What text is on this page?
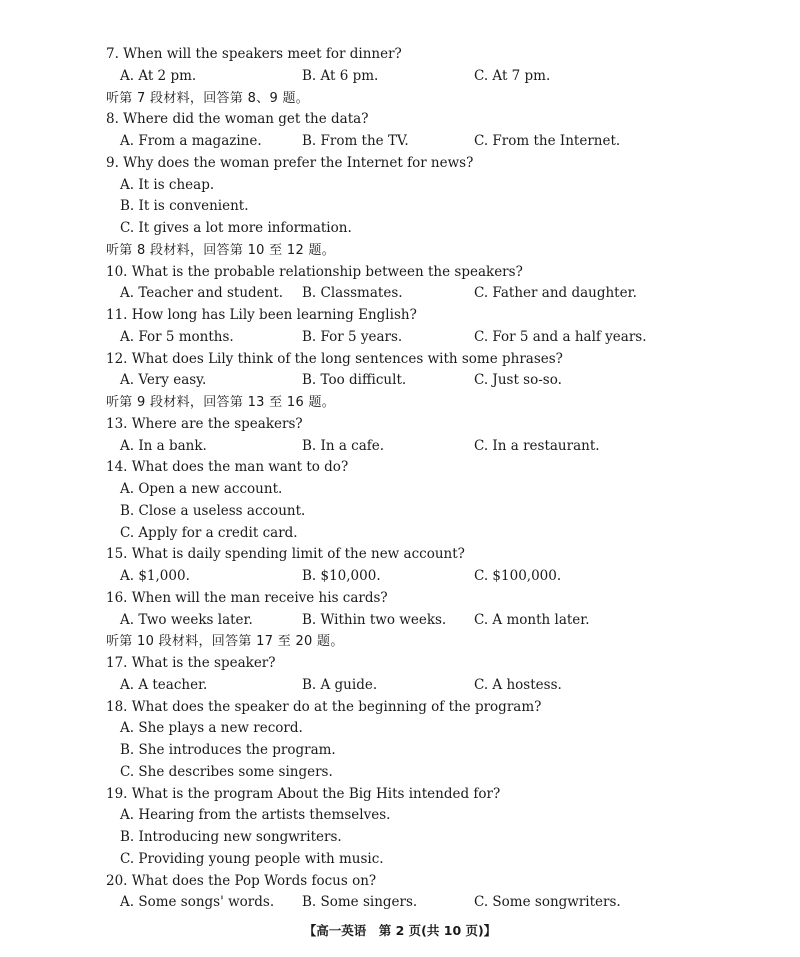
7. When will the speakers meet for dinner?
A. At 2 pm.	B. At 6 pm.	C. At 7 pm.
听第 7 段材料，回答第 8、9 题。
8. Where did the woman get the data?
A. From a magazine.	B. From the TV.	C. From the Internet.
9. Why does the woman prefer the Internet for news?
A. It is cheap.
B. It is convenient.
C. It gives a lot more information.
听第 8 段材料，回答第 10 至 12 题。
10. What is the probable relationship between the speakers?
A. Teacher and student.	B. Classmates.	C. Father and daughter.
11. How long has Lily been learning English?
A. For 5 months.	B. For 5 years.	C. For 5 and a half years.
12. What does Lily think of the long sentences with some phrases?
A. Very easy.	B. Too difficult.	C. Just so-so.
听第 9 段材料，回答第 13 至 16 题。
13. Where are the speakers?
A. In a bank.	B. In a cafe.	C. In a restaurant.
14. What does the man want to do?
A. Open a new account.
B. Close a useless account.
C. Apply for a credit card.
15. What is daily spending limit of the new account?
A. $1,000.	B. $10,000.	C. $100,000.
16. When will the man receive his cards?
A. Two weeks later.	B. Within two weeks.	C. A month later.
听第 10 段材料，回答第 17 至 20 题。
17. What is the speaker?
A. A teacher.	B. A guide.	C. A hostess.
18. What does the speaker do at the beginning of the program?
A. She plays a new record.
B. She introduces the program.
C. She describes some singers.
19. What is the program About the Big Hits intended for?
A. Hearing from the artists themselves.
B. Introducing new songwriters.
C. Providing young people with music.
20. What does the Pop Words focus on?
A. Some songs' words.	B. Some singers.	C. Some songwriters.
【高一英语　第 2 页(共 10 页)】
